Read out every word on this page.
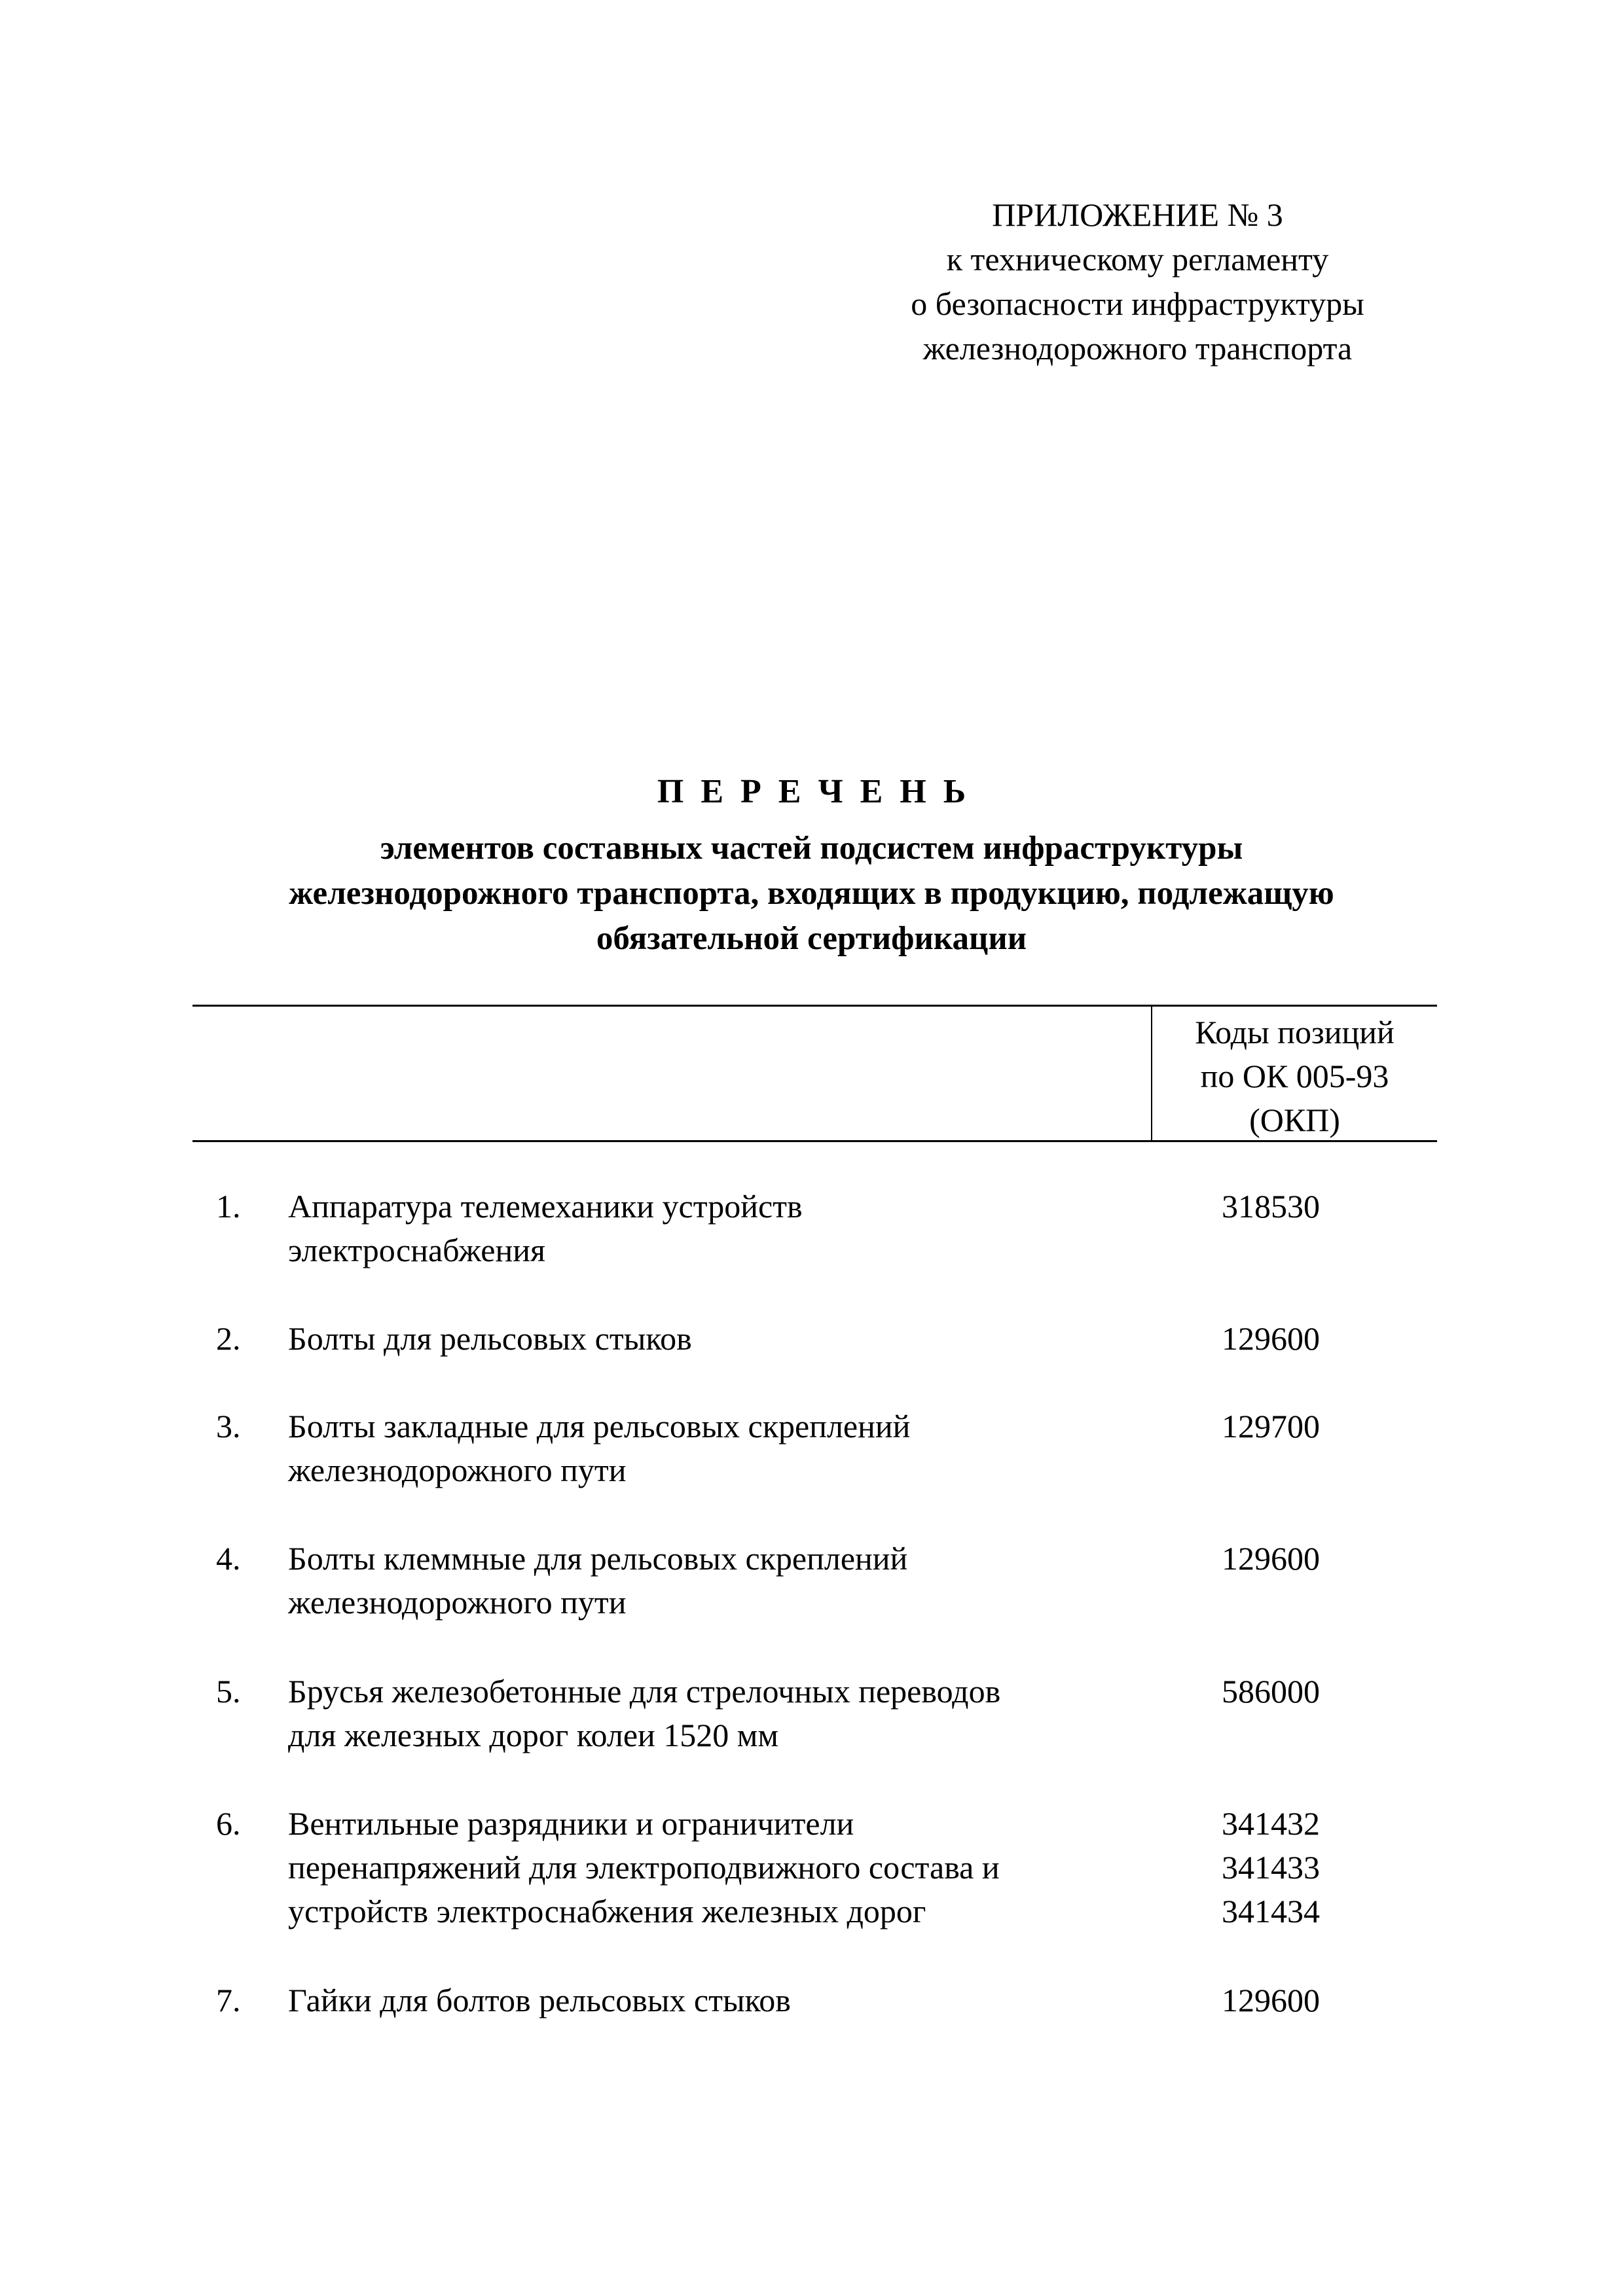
ПРИЛОЖЕНИЕ № 3
к техническому регламенту
о безопасности инфраструктуры
железнодорожного транспорта
ПЕРЕЧЕНЬ
элементов составных частей подсистем инфраструктуры
железнодорожного транспорта, входящих в продукцию, подлежащую
обязательной сертификации
Коды позиций
по ОК 005-93
(ОКП)
1. Аппаратура телемеханики устройств
электроснабжения
318530
2. Болты для рельсовых стыков	129600
3. Болты закладные для рельсовых скреплений
железнодорожного пути
129700
4. Болты клеммные для рельсовых скреплений
железнодорожного пути
129600
5. Брусья железобетонные для стрелочных переводов
для железных дорог колеи 1520 мм
586000
6. Вентильные разрядники и ограничители
перенапряжений для электроподвижного состава и
устройств электроснабжения железных дорог
341432
341433
341434
7. Гайки для болтов рельсовых стыков	129600
